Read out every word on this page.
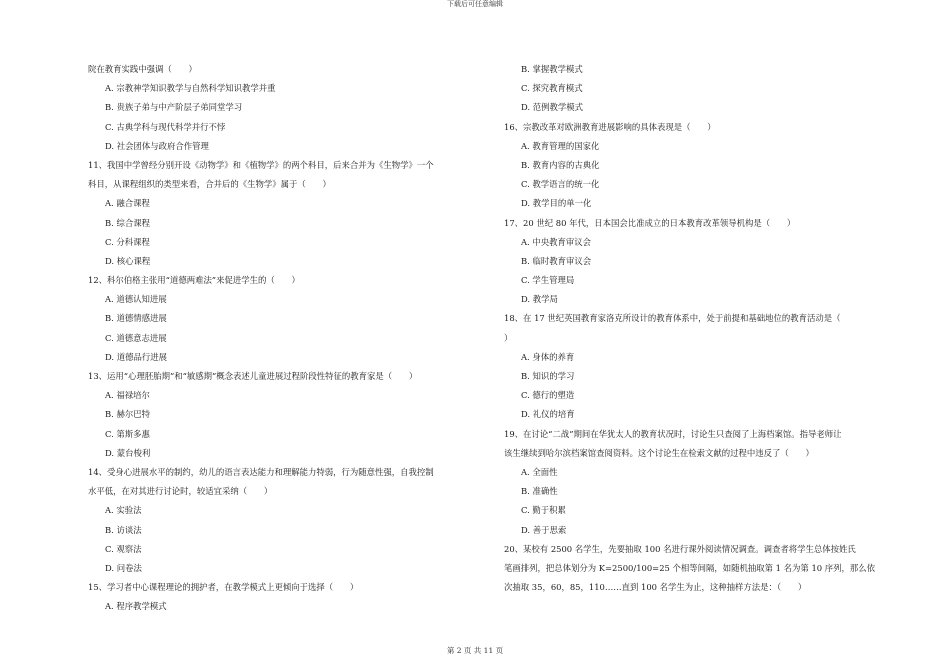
下载后可任意编辑
院在教育实践中强调（　　）
A. 宗教神学知识教学与自然科学知识教学并重
B. 贵族子弟与中产阶层子弟同堂学习
C. 古典学科与现代科学并行不悖
D. 社会团体与政府合作管理
11、我国中学曾经分别开设《动物学》和《植物学》的两个科目，后来合并为《生物学》一个
科目，从课程组织的类型来看，合并后的《生物学》属于（　　）
A. 融合课程
B. 综合课程
C. 分科课程
D. 核心课程
12、科尔伯格主张用“道德两难法”来促进学生的（　　）
A. 道德认知进展
B. 道德情感进展
C. 道德意志进展
D. 道德品行进展
13、运用“心理胚胎期”和“敏感期”概念表述儿童进展过程阶段性特征的教育家是（　　）
A. 福禄培尔
B. 赫尔巴特
C. 第斯多惠
D. 蒙台梭利
14、受身心进展水平的制约，幼儿的语言表达能力和理解能力特弱，行为随意性强，自我控制
水平低，在对其进行讨论时，较适宜采纳（　　）
A. 实验法
B. 访谈法
C. 观察法
D. 问卷法
15、学习者中心课程理论的拥护者，在教学模式上更倾向于选择（　　）
A. 程序教学模式
B. 掌握教学模式
C. 探究教育模式
D. 范例教学模式
16、宗教改革对欧洲教育进展影响的具体表现是（　　）
A. 教育管理的国家化
B. 教育内容的古典化
C. 教学语言的统一化
D. 教学目的单一化
17、20 世纪 80 年代，日本国会比准成立的日本教育改革领导机构是（　　）
A. 中央教育审议会
B. 临时教育审议会
C. 学生管理局
D. 教学局
18、在 17 世纪英国教育家洛克所设计的教育体系中，处于前提和基础地位的教育活动是（
）
A. 身体的养育
B. 知识的学习
C. 德行的塑造
D. 礼仪的培育
19、在讨论“二战”期间在华犹太人的教育状况时，讨论生只查阅了上海档案馆。指导老师让
该生继续到哈尔滨档案馆查阅资料。这个讨论生在检索文献的过程中违反了（　　）
A. 全面性
B. 准确性
C. 勤于积累
D. 善于思索
20、某校有 2500 名学生，先要抽取 100 名进行课外阅读情况调查。调查者将学生总体按姓氏
笔画排列，把总体划分为 K=2500/100=25 个相等间隔，如随机抽取第 1 名为第 10 序列，那么依
次抽取 35，60，85，110……直到 100 名学生为止，这种抽样方法是：（　　）
第 2 页 共 11 页
